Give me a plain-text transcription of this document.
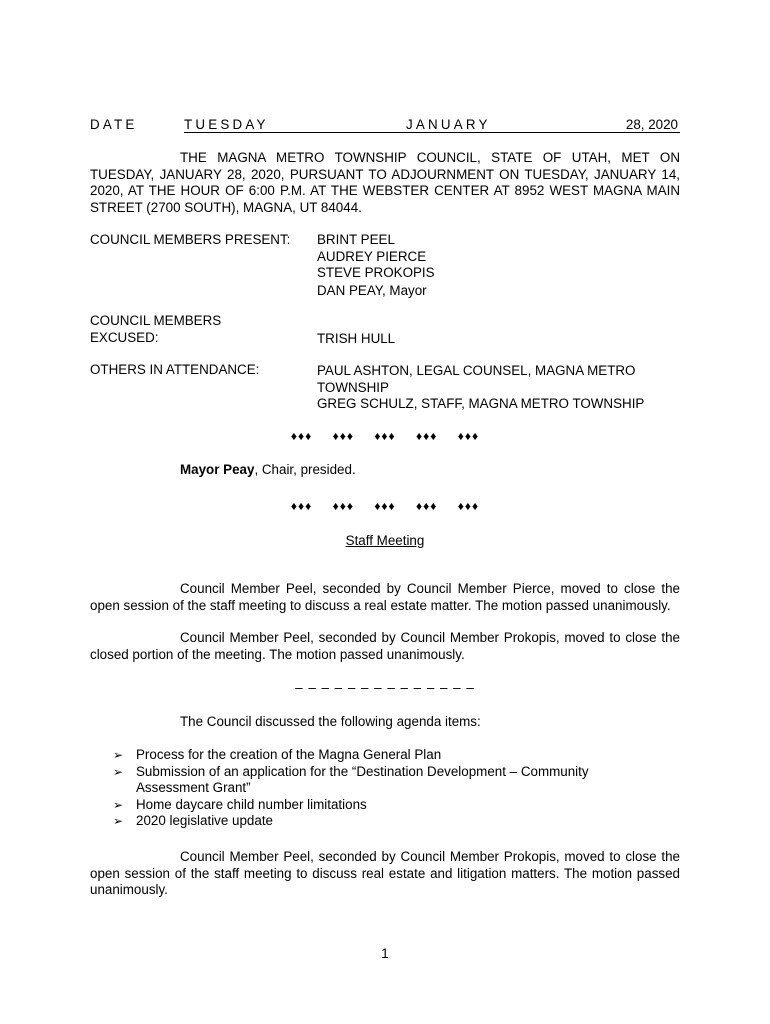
DATE	TUESDAY	JANUARY	28, 2020
THE MAGNA METRO TOWNSHIP COUNCIL, STATE OF UTAH, MET ON TUESDAY, JANUARY 28, 2020, PURSUANT TO ADJOURNMENT ON TUESDAY, JANUARY 14, 2020, AT THE HOUR OF 6:00 P.M. AT THE WEBSTER CENTER AT 8952 WEST MAGNA MAIN STREET (2700 SOUTH), MAGNA, UT 84044.
COUNCIL MEMBERS PRESENT: BRINT PEEL
AUDREY PIERCE
STEVE PROKOPIS
DAN PEAY, Mayor
COUNCIL MEMBERS
EXCUSED:	TRISH HULL
OTHERS IN ATTENDANCE:	PAUL ASHTON, LEGAL COUNSEL, MAGNA METRO TOWNSHIP
GREG SCHULZ, STAFF, MAGNA METRO TOWNSHIP
♦♦♦ ♦♦♦ ♦♦♦ ♦♦♦ ♦♦♦
Mayor Peay, Chair, presided.
♦♦♦ ♦♦♦ ♦♦♦ ♦♦♦ ♦♦♦
Staff Meeting
Council Member Peel, seconded by Council Member Pierce, moved to close the open session of the staff meeting to discuss a real estate matter. The motion passed unanimously.
Council Member Peel, seconded by Council Member Prokopis, moved to close the closed portion of the meeting. The motion passed unanimously.
– – – – – – – – – – – – – –
The Council discussed the following agenda items:
➢ Process for the creation of the Magna General Plan
➢ Submission of an application for the “Destination Development – Community Assessment Grant”
➢ Home daycare child number limitations
➢ 2020 legislative update
Council Member Peel, seconded by Council Member Prokopis, moved to close the open session of the staff meeting to discuss real estate and litigation matters. The motion passed unanimously.
1
